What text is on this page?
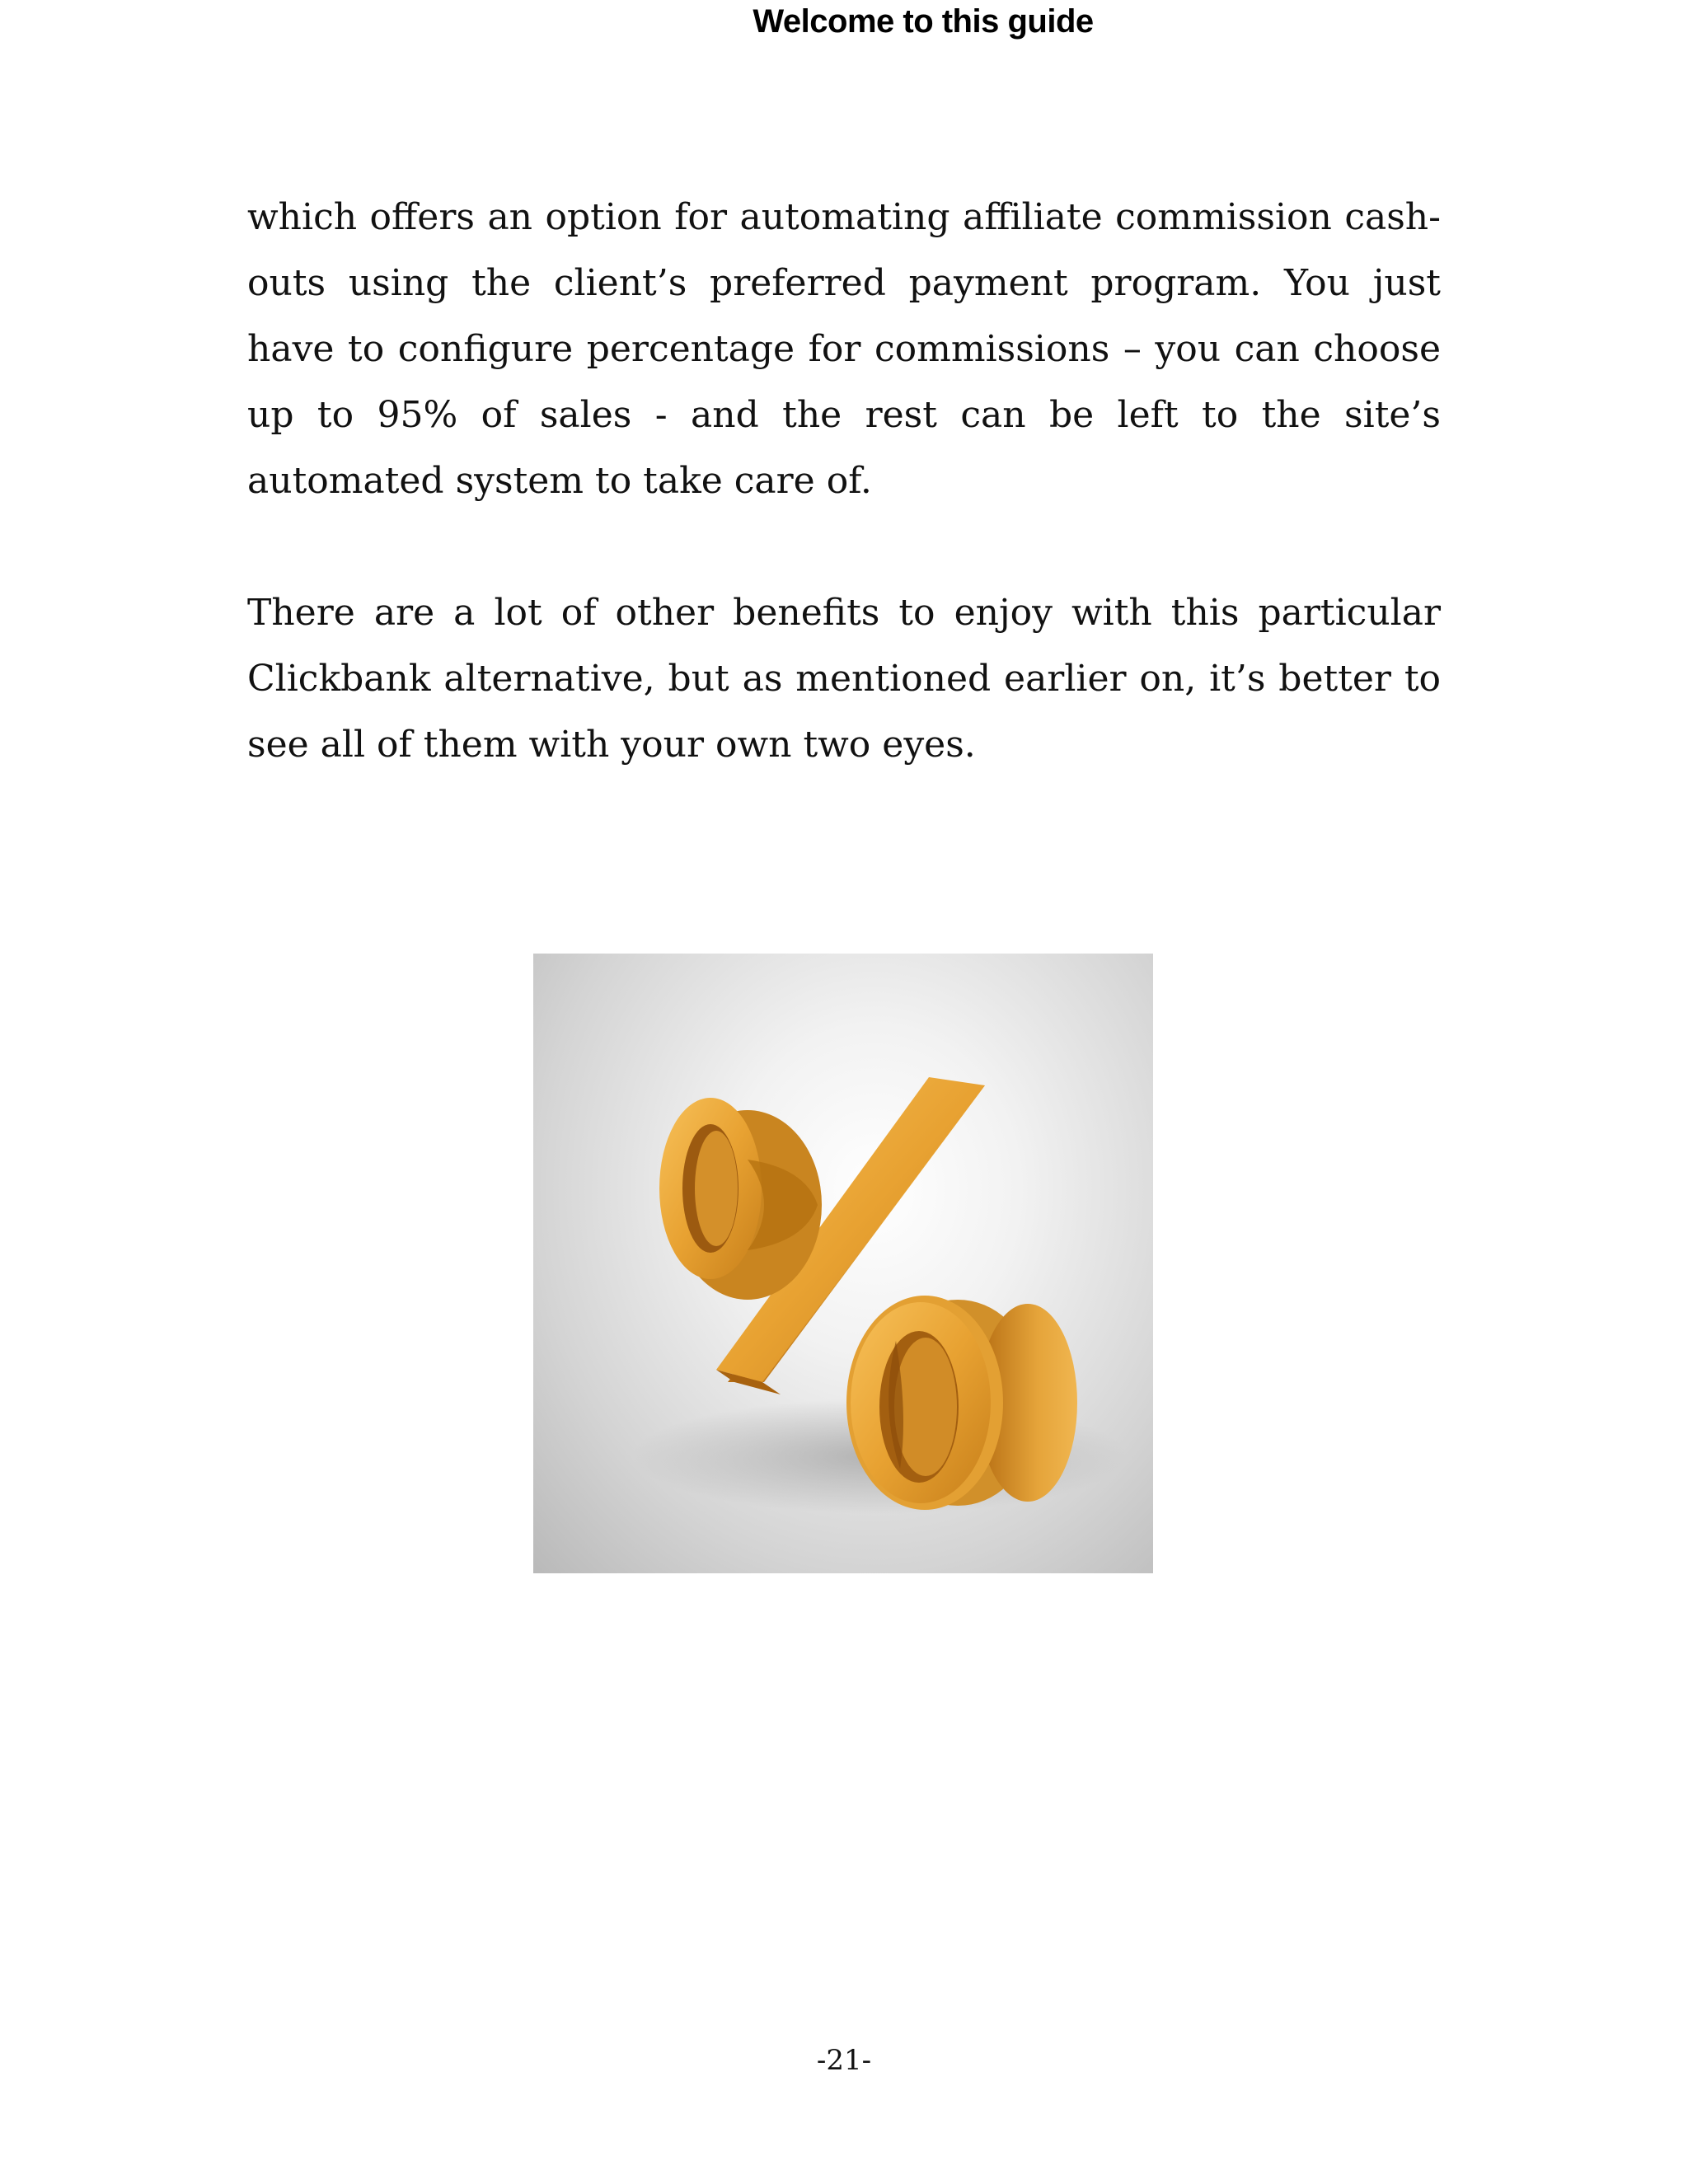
Welcome to this guide
which offers an option for automating affiliate commission cash-outs using the client’s preferred payment program. You just have to configure percentage for commissions – you can choose up to 95% of sales - and the rest can be left to the site’s automated system to take care of.
There are a lot of other benefits to enjoy with this particular Clickbank alternative, but as mentioned earlier on, it’s better to see all of them with your own two eyes.
-21-
